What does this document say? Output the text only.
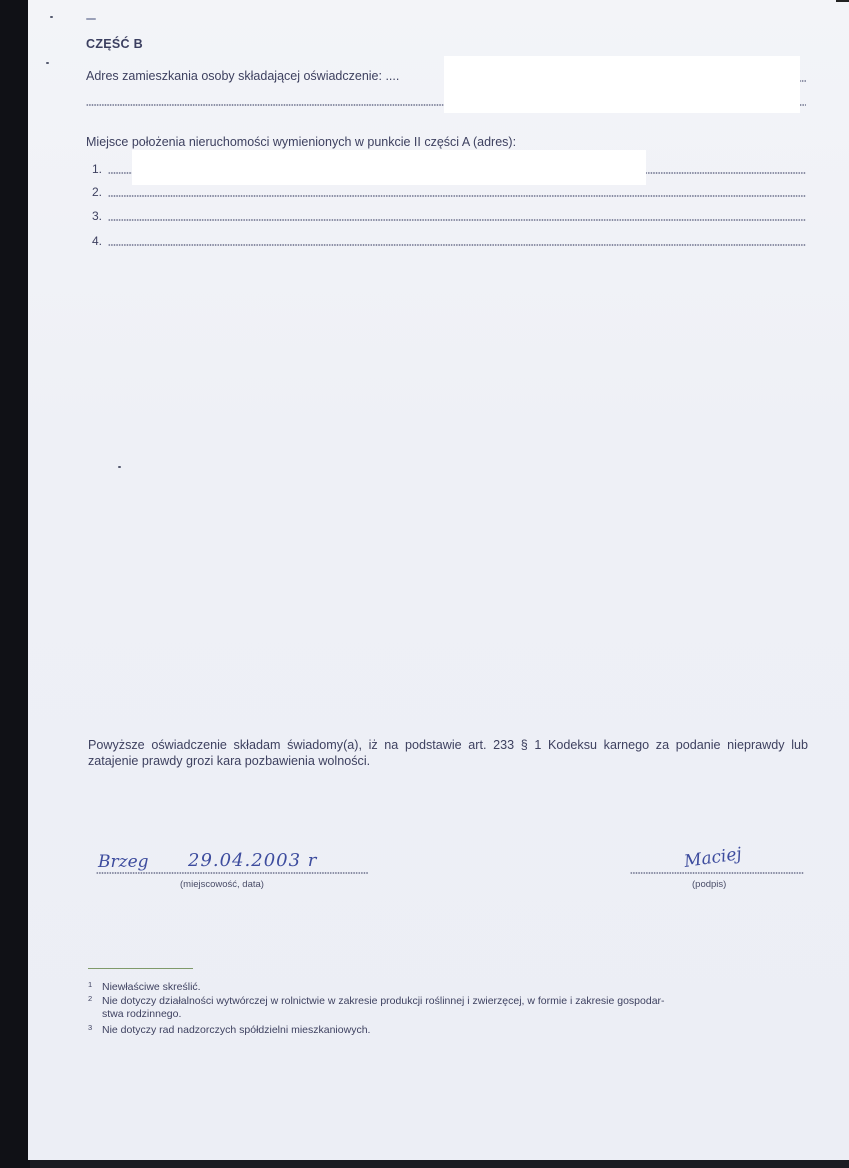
CZĘŚĆ B
Adres zamieszkania osoby składającej oświadczenie: ....
Miejsce położenia nieruchomości wymienionych w punkcie II części A (adres):
1.
2.
3.
4.
Powyższe oświadczenie składam świadomy(a), iż na podstawie art. 233 § 1 Kodeksu karnego za podanie nieprawdy lub zatajenie prawdy grozi kara pozbawienia wolności.
Brzeg 29.04.2003 r
(miejscowość, data)
Maciej
(podpis)
$^1$ Niewłaściwe skreślić.
$^2$ Nie dotyczy działalności wytwórczej w rolnictwie w zakresie produkcji roślinnej i zwierzęcej, w formie i zakresie gospodar-
stwa rodzinnego.
$^3$ Nie dotyczy rad nadzorczych spółdzielni mieszkaniowych.
